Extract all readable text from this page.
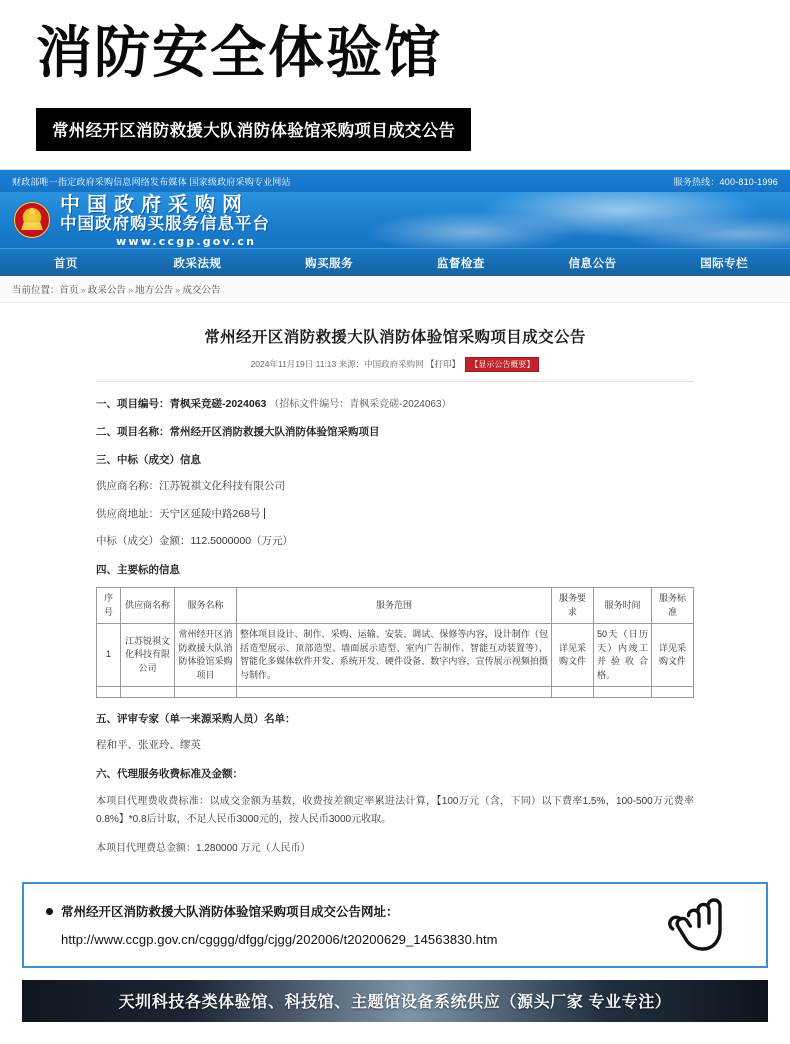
消防安全体验馆
常州经开区消防救援大队消防体验馆采购项目成交公告
财政部唯一指定政府采购信息网络发布媒体 国家级政府采购专业网站	服务热线：400-810-1996
★
中国政府采购网
中国政府购买服务信息平台
www.ccgp.gov.cn
首页	政采法规	购买服务	监督检查	信息公告	国际专栏
当前位置：首页 » 政采公告 » 地方公告 » 成交公告
常州经开区消防救援大队消防体验馆采购项目成交公告
2024年11月19日 11:13 来源：中国政府采购网 【打印】 【显示公告概要】
一、项目编号：青枫采竞磋-2024063 （招标文件编号：青枫采竞磋-2024063）
二、项目名称：常州经开区消防救援大队消防体验馆采购项目
三、中标（成交）信息
供应商名称：江苏锐祺文化科技有限公司
供应商地址：天宁区延陵中路268号
中标（成交）金额：112.5000000（万元）
四、主要标的信息
序号	供应商名称	服务名称	服务范围	服务要求	服务时间	服务标准
1	江苏锐祺文化科技有限公司	常州经开区消防救援大队消防体验馆采购项目	整体项目设计、制作、采购、运输、安装、调试、保修等内容，设计制作（包括造型展示、顶部造型、墙面展示造型、室内广告制作、智能互动装置等），智能化多媒体软件开发、系统开发、硬件设备、数字内容，宣传展示视频拍摄与制作。	详见采购文件	50天（日历天）内竣工并验收合格。	详见采购文件

五、评审专家（单一来源采购人员）名单：
程和平、张亚玲、缪英
六、代理服务收费标准及金额：
本项目代理费收费标准：以成交金额为基数，收费按差额定率累进法计算，【100万元（含，下同）以下费率1.5%，100-500万元费率0.8%】*0.8后计取，不足人民币3000元的，按人民币3000元收取。
本项目代理费总金额：1.280000 万元（人民币）
常州经开区消防救援大队消防体验馆采购项目成交公告网址：
http://www.ccgp.gov.cn/cgggg/dfgg/cjgg/202006/t20200629_14563830.htm
天圳科技各类体验馆、科技馆、主题馆设备系统供应（源头厂家 专业专注）
